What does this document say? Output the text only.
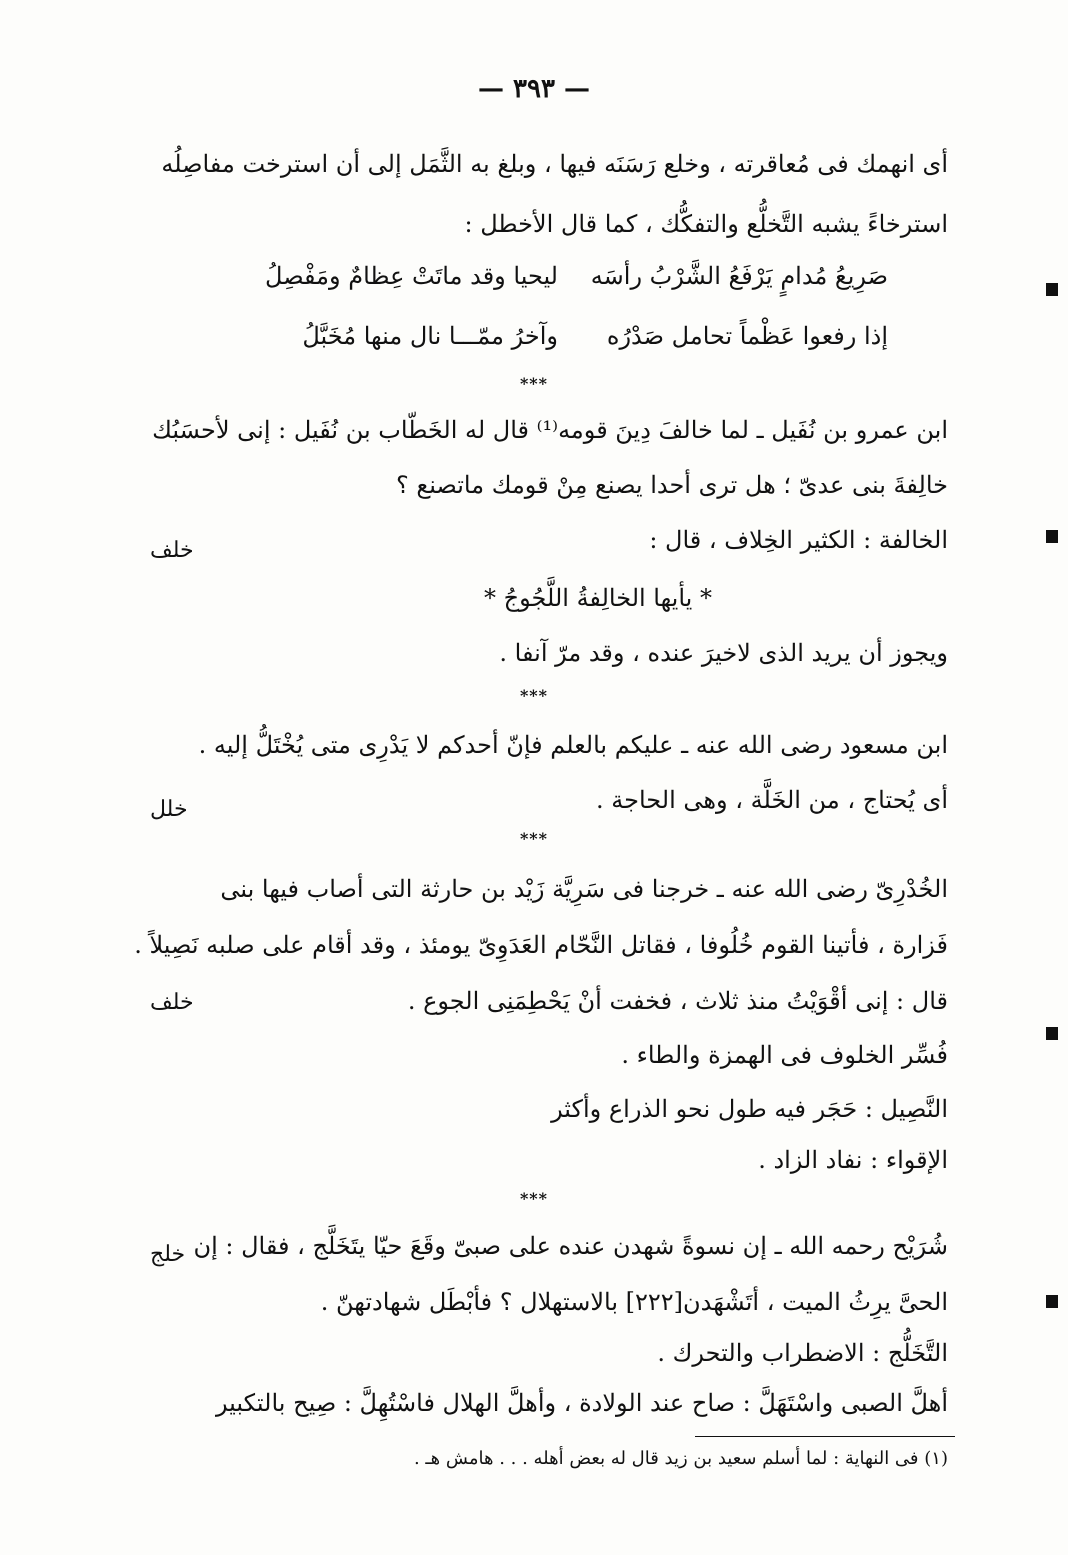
— ٣٩٣ —
أى انهمك فى مُعاقرته ، وخلع رَسَنَه فيها ، وبلغ به الثَّمَل إلى أن استرخت مفاصِلُه
استرخاءً يشبه التَّخلُّع والتفكُّك ، كما قال الأخطل :
صَرِيعُ مُدامٍ يَرْفَعُ الشَّرْبُ رأسَه
ليحيا وقد ماتَتْ عِظامٌ ومَفْصِلُ
إذا رفعوا عَظْماً تحامل صَدْرُه
وآخرُ ممّـــا نال منها مُخَبَّلُ
***
ابن عمرو بن نُفَيل ـ لما خالفَ دِينَ قومه⁽¹⁾ قال له الخَطّاب بن نُفَيل : إنى لأحسَبُك
خالِفةَ بنى عدىّ ؛ هل ترى أحدا يصنع مِنْ قومك ماتصنع ؟
الخالفة : الكثير الخِلاف ، قال :
* يأيها الخالِفةُ اللَّجُوجُ *
ويجوز أن يريد الذى لاخيرَ عنده ، وقد مرّ آنفا .
***
ابن مسعود رضى الله عنه ـ عليكم بالعلم فإنّ أحدكم لا يَدْرِى متى يُخْتَلُّ إليه .
أى يُحتاج ، من الخَلَّة ، وهى الحاجة .
***
الخُدْرِىّ رضى الله عنه ـ خرجنا فى سَرِيَّة زَيْد بن حارثة التى أصاب فيها بنى
فَزارة ، فأتينا القوم خُلُوفا ، فقاتل النَّحّام العَدَوِىّ يومئذ ، وقد أقام على صلبه نَصِيلاً .
قال : إنى أقْوَيْتُ منذ ثلاث ، فخفت أنْ يَحْطِمَنِى الجوع .
فُسِّر الخلوف فى الهمزة والطاء .
النَّصِيل : حَجَر فيه طول نحو الذراع وأكثر
الإقواء : نفاد الزاد .
***
شُرَيْح رحمه الله ـ إن نسوةً شهدن عنده على صبىّ وقَعَ حيّا يتَخَلَّج ، فقال : إن
الحىَّ يرِثُ الميت ، أتَشْهَدن[٢٢٢] بالاستهلال ؟ فأبْطَل شهادتهنّ .
التَّخَلُّج : الاضطراب والتحرك .
أهلَّ الصبى واسْتَهَلَّ : صاح عند الولادة ، وأهلَّ الهلال فاسْتُهِلَّ : صِيح بالتكبير
خلف
خلل
خلف
خلج
(١) فى النهاية : لما أسلم سعيد بن زيد قال له بعض أهله . . . هامش هـ .
